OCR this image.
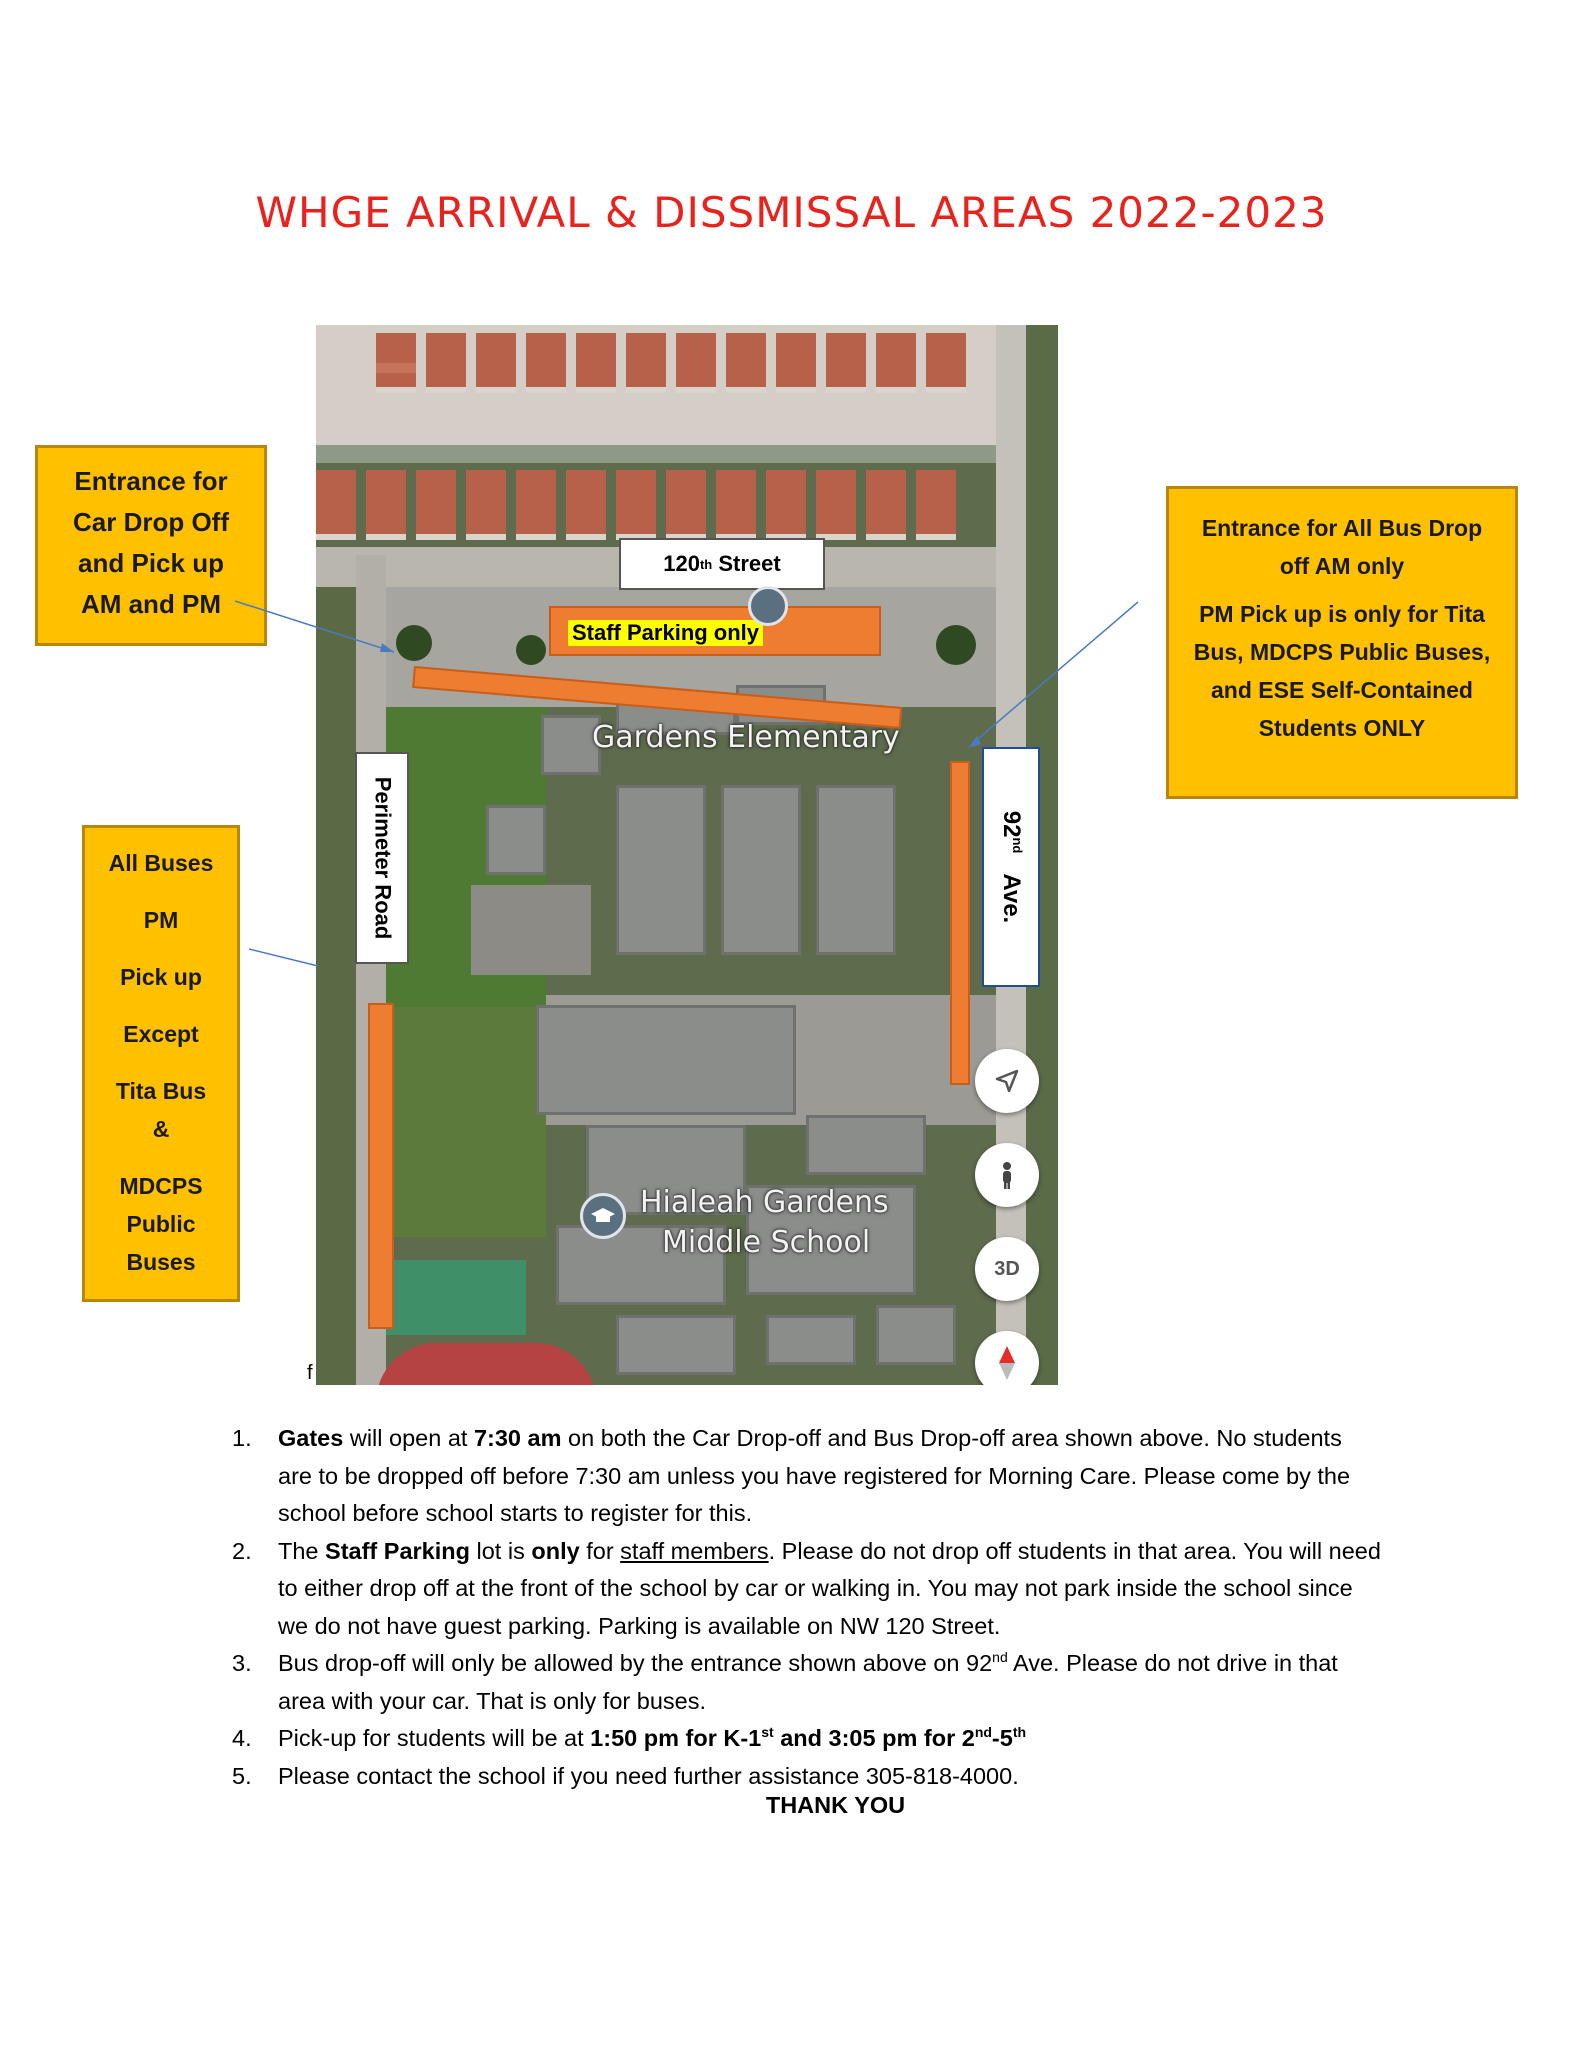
WHGE ARRIVAL & DISSMISSAL AREAS 2022-2023
120 th Street
Staff Parking only
Perimeter Road	92nd   Ave.
Gardens Elementary
Hialeah Gardens
Middle School
3D
f

Entrance for

Car Drop Off

and Pick up

AM and PM

Entrance for All Bus Drop off AM only

PM Pick up is only for Tita Bus, MDCPS Public Buses, and ESE Self-Contained Students ONLY

All Buses

PM

Pick up

Except

Tita Bus

&

MDCPS Public Buses

1. Gates will open at 7:30 am on both the Car Drop-off and Bus Drop-off area shown above. No students are to be dropped off before 7:30 am unless you have registered for Morning Care. Please come by the school before school starts to register for this.
2. The Staff Parking lot is only for staff members. Please do not drop off students in that area. You will need to either drop off at the front of the school by car or walking in. You may not park inside the school since we do not have guest parking. Parking is available on NW 120 Street.
3. Bus drop-off will only be allowed by the entrance shown above on 92nd Ave. Please do not drive in that area with your car. That is only for buses.
4. Pick-up for students will be at 1:50 pm for K-1st and 3:05 pm for 2nd-5th
5. Please contact the school if you need further assistance 305-818-4000.
THANK YOU
